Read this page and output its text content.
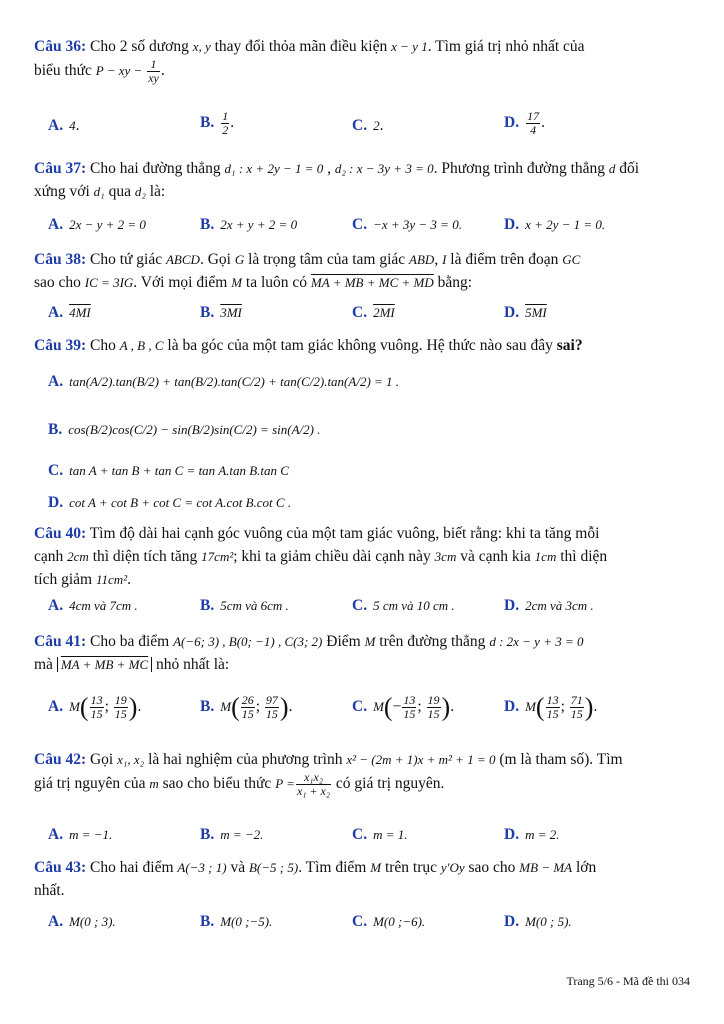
Câu 36: Cho 2 số dương x, y thay đổi thỏa mãn điều kiện x − y 1. Tìm giá trị nhỏ nhất của
biểu thức P − xy − $\frac{1}{xy}$ .
A. 4.	B. $\frac{1}{2}$ .	C. 2.	D. $\frac{17}{4}$ .
Câu 37: Cho hai đường thẳng d₁ : x + 2y − 1 = 0 , d₂ : x − 3y + 3 = 0. Phương trình đường thẳng d đối
xứng với d₁ qua d₂ là:
A. 2x − y + 2 = 0	B. 2x + y + 2 = 0	C. −x + 3y − 3 = 0.	D. x + 2y − 1 = 0.
Câu 38: Cho tứ giác ABCD. Gọi G là trọng tâm của tam giác ABD, I là điểm trên đoạn GC
sao cho IC = 3IG. Với mọi điểm M ta luôn có MA + MB + MC + MD bằng:
A. 4MI	B. 3MI	C. 2MI	D. 5MI
Câu 39: Cho A , B , C là ba góc của một tam giác không vuông. Hệ thức nào sau đây sai?
A. tan(A/2).tan(B/2) + tan(B/2).tan(C/2) + tan(C/2).tan(A/2) = 1 .
B. cos(B/2)cos(C/2) − sin(B/2)sin(C/2) = sin(A/2) .
C. tan A + tan B + tan C = tan A.tan B.tan C
D. cot A + cot B + cot C = cot A.cot B.cot C .
Câu 40: Tìm độ dài hai cạnh góc vuông của một tam giác vuông, biết rằng: khi ta tăng mỗi
cạnh 2cm thì diện tích tăng 17cm²; khi ta giảm chiều dài cạnh này 3cm và cạnh kia 1cm thì diện
tích giảm 11cm².
A. 4cm và 7cm .	B. 5cm và 6cm .	C. 5 cm và 10 cm .	D. 2cm và 3cm .
Câu 41: Cho ba điểm A(−6; 3) , B(0; −1) , C(3; 2) Điểm M trên đường thẳng d : 2x − y + 3 = 0
mà MA + MB + MC nhỏ nhất là:
A. $M( \frac{13}{15}$ ; $\frac{19}{15}$ ).	B. $M( \frac{26}{15}$ ; $\frac{97}{15}$ ).	C. $M(- \frac{13}{15}$ ; $\frac{19}{15}$ ).	D. $M( \frac{13}{15}$ ; $\frac{71}{15}$ ).
Câu 42: Gọi x₁, x₂ là hai nghiệm của phương trình x² − (2m + 1)x + m² + 1 = 0 (m là tham số). Tìm
giá trị nguyên của m sao cho biểu thức $P = \frac{\text{x₁x₂}}{\text{x₁ + x₂}}$ có giá trị nguyên.
A. m = −1.	B. m = −2.	C. m = 1.	D. m = 2.
Câu 43: Cho hai điểm A(−3 ; 1) và B(−5 ; 5). Tìm điểm M trên trục y'Oy sao cho MB − MA lớn
nhất.
A. M(0 ; 3).	B. M(0 ;−5).	C. M(0 ;−6).	D. M(0 ; 5).
Trang 5/6 - Mã đề thi 034
